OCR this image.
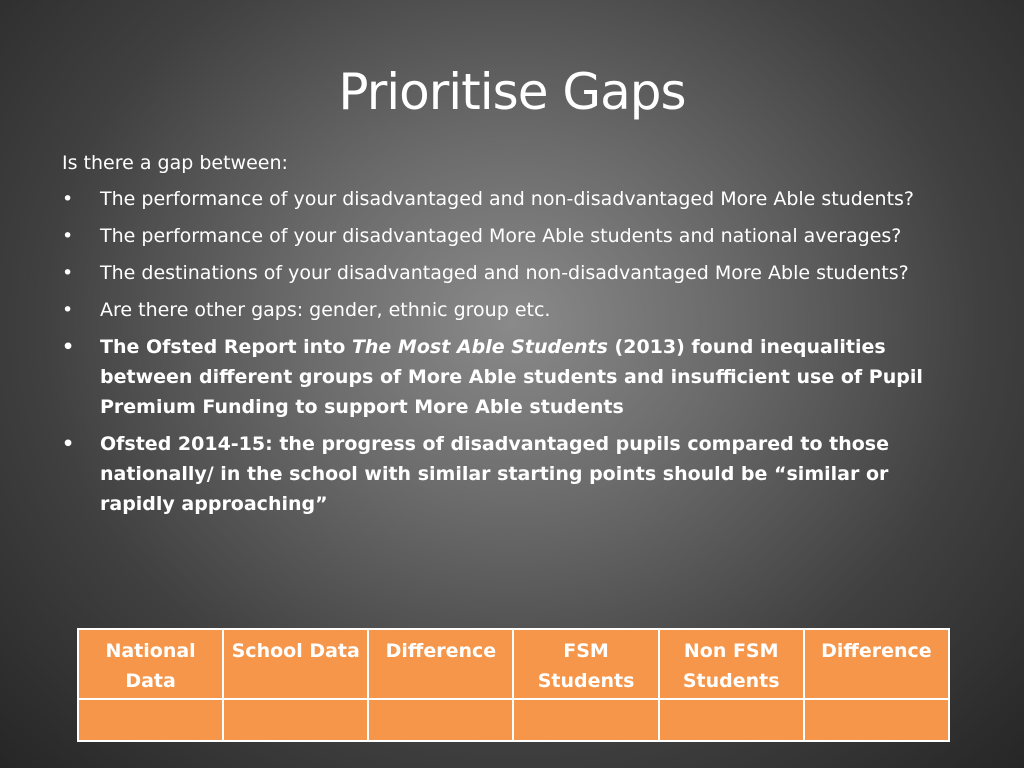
Prioritise Gaps
Is there a gap between:
• The performance of your disadvantaged and non-disadvantaged More Able students?
• The performance of your disadvantaged More Able students and national averages?
• The destinations of your disadvantaged and non-disadvantaged More Able students?
• Are there other gaps: gender, ethnic group etc.
• The Ofsted Report into The Most Able Students (2013) found inequalities between different groups of More Able students and insufficient use of Pupil Premium Funding to support More Able students
• Ofsted 2014-15: the progress of disadvantaged pupils compared to those nationally/ in the school with similar starting points should be “similar or rapidly approaching”
National Data	School Data	Difference	FSM Students	Non FSM Students	Difference
